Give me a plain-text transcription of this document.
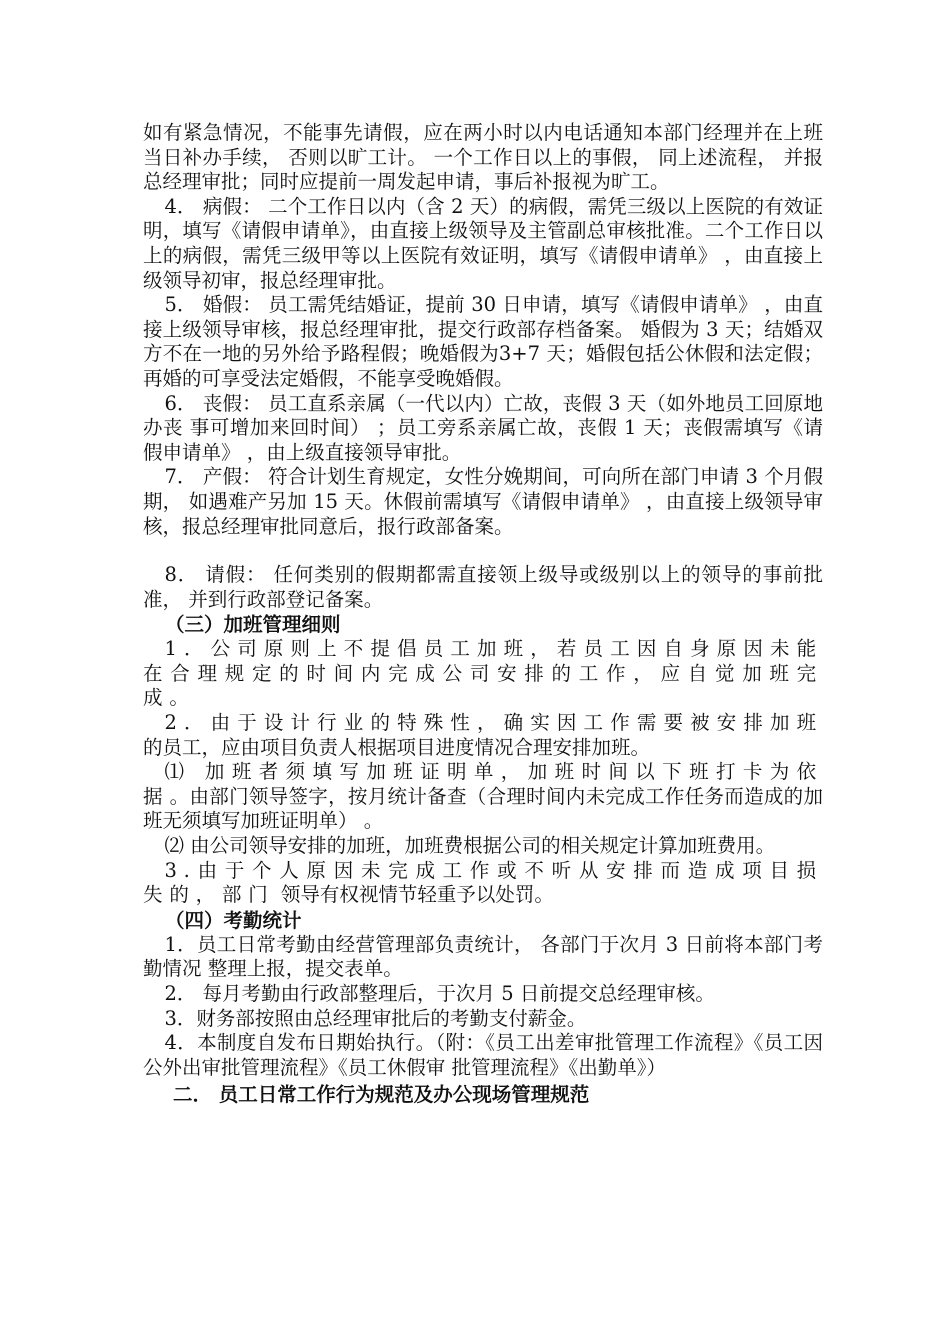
如有紧急情况，不能事先请假，应在两小时以内电话通知本部门经理并在上班当日补办手续， 否则以旷工计。 一个工作日以上的事假， 同上述流程， 并报总经理审批；同时应提前一周发起申请，事后补报视为旷工。

4． 病假： 二个工作日以内（含 2 天）的病假，需凭三级以上医院的有效证明，填写《请假申请单》，由直接上级领导及主管副总审核批准。二个工作日以 上的病假，需凭三级甲等以上医院有效证明，填写《请假申请单》 ，由直接上级领导初审，报总经理审批。

5． 婚假： 员工需凭结婚证，提前 30 日申请，填写《请假申请单》 ，由直接上级领导审核，报总经理审批，提交行政部存档备案。 婚假为 3 天；结婚双方不在一地的另外给予路程假；晚婚假为3+7 天；婚假包括公休假和法定假；再婚的可享受法定婚假，不能享受晚婚假。

6． 丧假： 员工直系亲属（一代以内）亡故，丧假 3 天（如外地员工回原地办丧 事可增加来回时间） ；员工旁系亲属亡故，丧假 1 天；丧假需填写《请假申请单》 ，由上级直接领导审批。

7． 产假： 符合计划生育规定，女性分娩期间，可向所在部门申请 3 个月假期， 如遇难产另加 15 天。休假前需填写《请假申请单》 ，由直接上级领导审核，报总经理审批同意后，报行政部备案。

8． 请假： 任何类别的假期都需直接领上级导或级别以上的领导的事前批准， 并到行政部登记备案。

（三）加班管理细则

1．公司原则上不提倡员工加班，若员工因自身原因未能在合理规定的时间内完成公司安排的工作，应自觉加班完成。

2．由于设计行业的特殊性，确实因工作需要被安排加班 的员工，应由项目负责人根据项目进度情况合理安排加班。

⑴ 加班者须填写加班证明单，加班时间以下班打卡为依据。由部门领导签字，按月统计备查（合理时间内未完成工作任务而造成的加班无须填写加班证明单） 。

⑵ 由公司领导安排的加班，加班费根据公司的相关规定计算加班费用。

3.由于个人原因未完成工作或不听从安排而造成项目损失的，部门 领导有权视情节轻重予以处罚。

（四）考勤统计

1．员工日常考勤由经营管理部负责统计， 各部门于次月 3 日前将本部门考勤情况 整理上报，提交表单。

2． 每月考勤由行政部整理后，于次月 5 日前提交总经理审核。

3．财务部按照由总经理审批后的考勤支付薪金。

4．本制度自发布日期始执行。（附：《员工出差审批管理工作流程》《员工因公外出审批管理流程》《员工休假审 批管理流程》《出勤单》）

二． 员工日常工作行为规范及办公现场管理规范
